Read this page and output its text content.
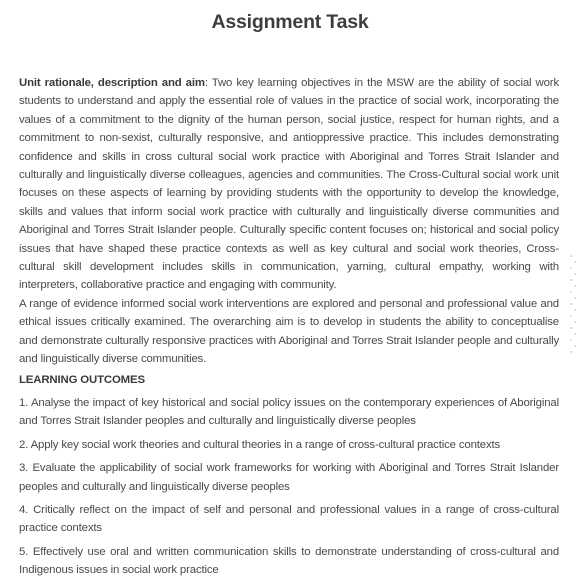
Assignment Task

Unit rationale, description and aim: Two key learning objectives in the MSW are the ability of social work students to understand and apply the essential role of values in the practice of social work, incorporating the values of a commitment to the dignity of the human person, social justice, respect for human rights, and a commitment to non-sexist, culturally responsive, and antioppressive practice. This includes demonstrating confidence and skills in cross cultural social work practice with Aboriginal and Torres Strait Islander and culturally and linguistically diverse colleagues, agencies and communities. The Cross-Cultural social work unit focuses on these aspects of learning by providing students with the opportunity to develop the knowledge, skills and values that inform social work practice with culturally and linguistically diverse communities and Aboriginal and Torres Strait Islander people. Culturally specific content focuses on; historical and social policy issues that have shaped these practice contexts as well as key cultural and social work theories, Cross-cultural skill development includes skills in communication, yarning, cultural empathy, working with interpreters, collaborative practice and engaging with community.

A range of evidence informed social work interventions are explored and personal and professional value and ethical issues critically examined. The overarching aim is to develop in students the ability to conceptualise and demonstrate culturally responsive practices with Aboriginal and Torres Strait Islander people and culturally and linguistically diverse communities.

LEARNING OUTCOMES
1. Analyse the impact of key historical and social policy issues on the contemporary experiences of Aboriginal and Torres Strait Islander peoples and culturally and linguistically diverse peoples
2. Apply key social work theories and cultural theories in a range of cross-cultural practice contexts
3. Evaluate the applicability of social work frameworks for working with Aboriginal and Torres Strait Islander peoples and culturally and linguistically diverse peoples
4. Critically reflect on the impact of self and personal and professional values in a range of cross-cultural practice contexts
5. Effectively use oral and written communication skills to demonstrate understanding of cross-cultural and Indigenous issues in social work practice
